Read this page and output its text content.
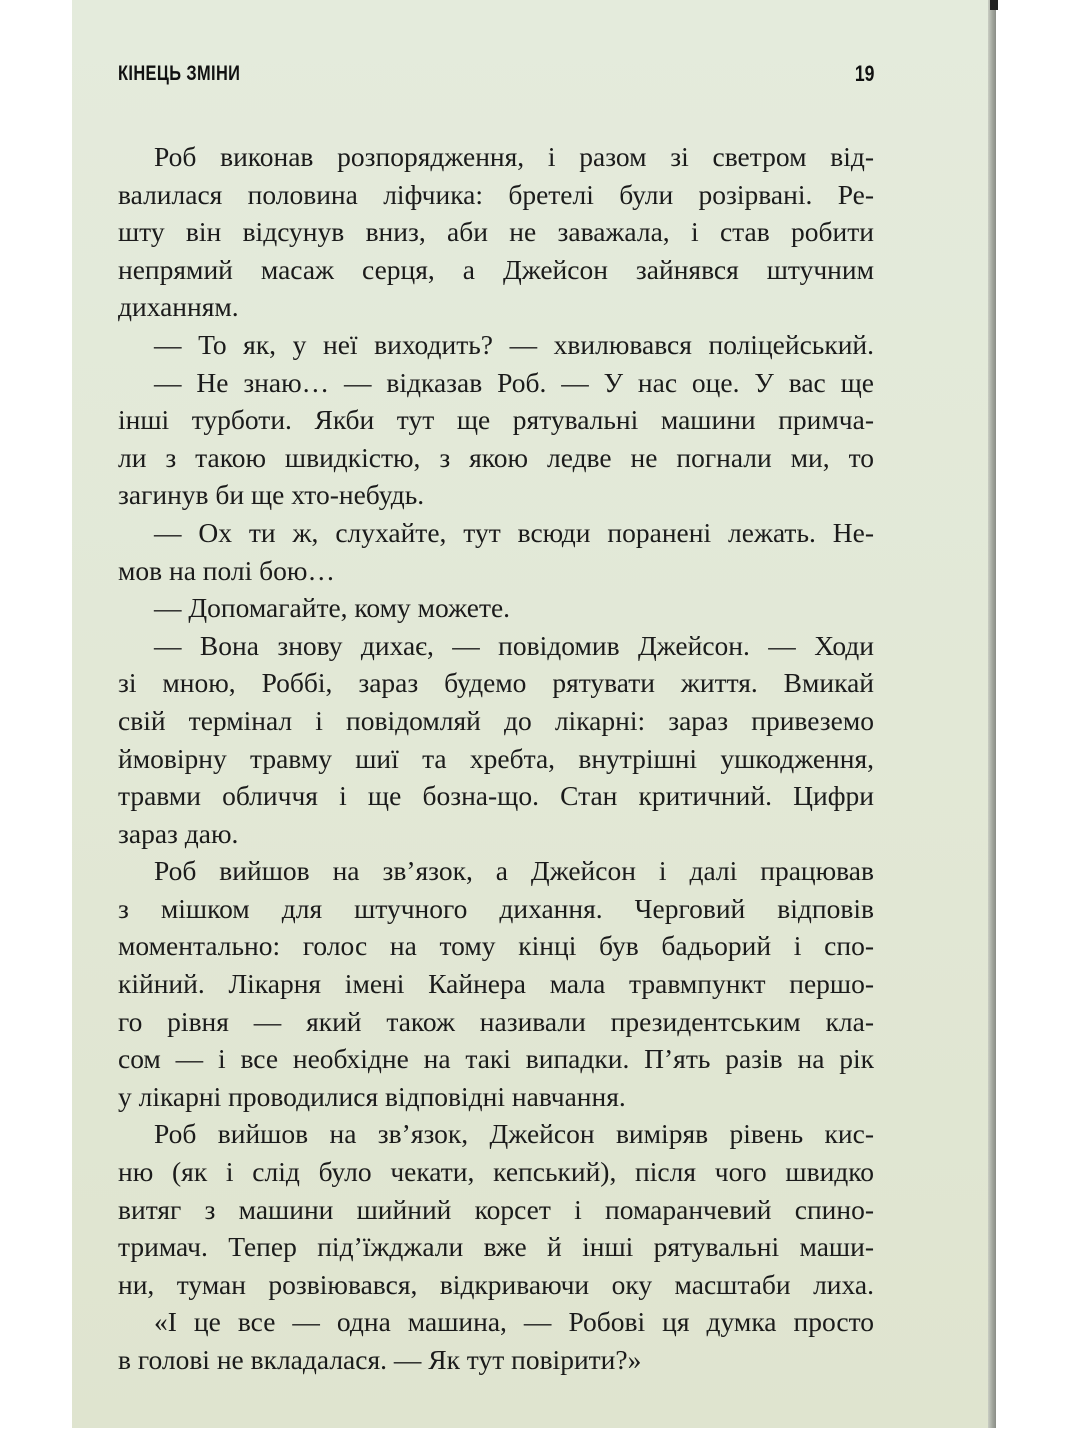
КІНЕЦЬ ЗМІНИ	19
Роб виконав розпорядження, і разом зі светром від-
валилася половина ліфчика: бретелі були розірвані. Ре-
шту він відсунув вниз, аби не заважала, і став робити
непрямий масаж серця, а Джейсон зайнявся штучним
диханням.
— То як, у неї виходить? — хвилювався поліцейський.
— Не знаю… — відказав Роб. — У нас оце. У вас ще
інші турботи. Якби тут ще рятувальні машини примча-
ли з такою швидкістю, з якою ледве не погнали ми, то
загинув би ще хто-небудь.
— Ох ти ж, слухайте, тут всюди поранені лежать. Не-
мов на полі бою…
— Допомагайте, кому можете.
— Вона знову дихає, — повідомив Джейсон. — Ходи
зі мною, Роббі, зараз будемо рятувати життя. Вмикай
свій термінал і повідомляй до лікарні: зараз привеземо
ймовірну травму шиї та хребта, внутрішні ушкодження,
травми обличчя і ще бозна-що. Стан критичний. Цифри
зараз даю.
Роб вийшов на зв’язок, а Джейсон і далі працював
з мішком для штучного дихання. Черговий відповів
моментально: голос на тому кінці був бадьорий і спо-
кійний. Лікарня імені Кайнера мала травмпункт першо-
го рівня — який також називали президентським кла-
сом — і все необхідне на такі випадки. П’ять разів на рік
у лікарні проводилися відповідні навчання.
Роб вийшов на зв’язок, Джейсон виміряв рівень кис-
ню (як і слід було чекати, кепський), після чого швидко
витяг з машини шийний корсет і помаранчевий спино-
тримач. Тепер під’їжджали вже й інші рятувальні маши-
ни, туман розвіювався, відкриваючи оку масштаби лиха.
«І це все — одна машина, — Робові ця думка просто
в голові не вкладалася. — Як тут повірити?»
